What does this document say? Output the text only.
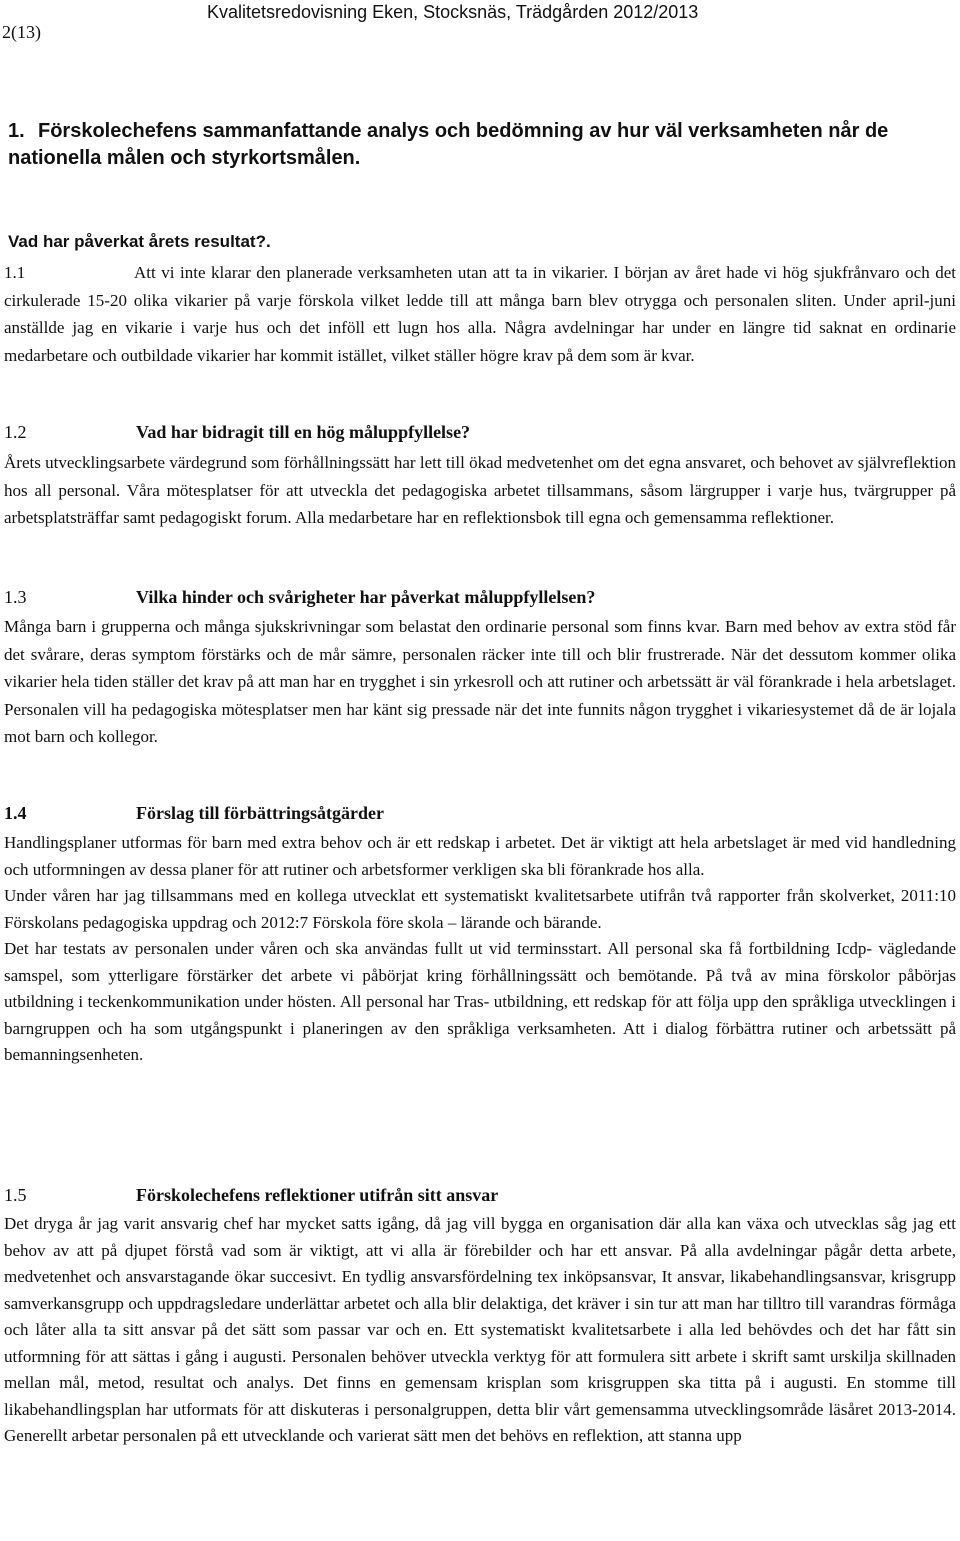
2(13)
Kvalitetsredovisning Eken, Stocksnäs, Trädgården 2012/2013
1. Förskolechefens sammanfattande analys och bedömning av hur väl verksamheten når de nationella målen och styrkortsmålen.
Vad har påverkat årets resultat?.

1.1	Att vi inte klarar den planerade verksamheten utan att ta in vikarier. I början av året hade vi hög sjukfrånvaro och det cirkulerade 15-20 olika vikarier på varje förskola vilket ledde till att många barn blev otrygga och personalen sliten. Under april-juni anställde jag en vikarie i varje hus och det inföll ett lugn hos alla. Några avdelningar har under en längre tid saknat en ordinarie medarbetare och outbildade vikarier har kommit istället, vilket ställer högre krav på dem som är kvar.

1.2	Vad har bidragit till en hög måluppfyllelse?
Årets utvecklingsarbete värdegrund som förhållningssätt har lett till ökad medvetenhet om det egna ansvaret, och behovet av självreflektion hos all personal. Våra mötesplatser för att utveckla det pedagogiska arbetet tillsammans, såsom lärgrupper i varje hus, tvärgrupper på arbetsplatsträffar samt pedagogiskt forum. Alla medarbetare har en reflektionsbok till egna och gemensamma reflektioner.
1.3	Vilka hinder och svårigheter har påverkat måluppfyllelsen?
Många barn i grupperna och många sjukskrivningar som belastat den ordinarie personal som finns kvar. Barn med behov av extra stöd får det svårare, deras symptom förstärks och de mår sämre, personalen räcker inte till och blir frustrerade. När det dessutom kommer olika vikarier hela tiden ställer det krav på att man har en trygghet i sin yrkesroll och att rutiner och arbetssätt är väl förankrade i hela arbetslaget. Personalen vill ha pedagogiska mötesplatser men har känt sig pressade när det inte funnits någon trygghet i vikariesystemet då de är lojala mot barn och kollegor.
1.4	Förslag till förbättringsåtgärder

Handlingsplaner utformas för barn med extra behov och är ett redskap i arbetet. Det är viktigt att hela arbetslaget är med vid handledning och utformningen av dessa planer för att rutiner och arbetsformer verkligen ska bli förankrade hos alla.

Under våren har jag tillsammans med en kollega utvecklat ett systematiskt kvalitetsarbete utifrån två rapporter från skolverket, 2011:10 Förskolans pedagogiska uppdrag och 2012:7 Förskola före skola – lärande och bärande.

Det har testats av personalen under våren och ska användas fullt ut vid terminsstart. All personal ska få fortbildning Icdp- vägledande samspel, som ytterligare förstärker det arbete vi påbörjat kring förhållningssätt och bemötande. På två av mina förskolor påbörjas utbildning i teckenkommunikation under hösten. All personal har Tras- utbildning, ett redskap för att följa upp den språkliga utvecklingen i barngruppen och ha som utgångspunkt i planeringen av den språkliga verksamheten. Att i dialog förbättra rutiner och arbetssätt på bemanningsenheten.

1.5	Förskolechefens reflektioner utifrån sitt ansvar
Det dryga år jag varit ansvarig chef har mycket satts igång, då jag vill bygga en organisation där alla kan växa och utvecklas såg jag ett behov av att på djupet förstå vad som är viktigt, att vi alla är förebilder och har ett ansvar. På alla avdelningar pågår detta arbete, medvetenhet och ansvarstagande ökar succesivt. En tydlig ansvarsfördelning tex inköpsansvar, It ansvar, likabehandlingsansvar, krisgrupp samverkansgrupp och uppdragsledare underlättar arbetet och alla blir delaktiga, det kräver i sin tur att man har tilltro till varandras förmåga och låter alla ta sitt ansvar på det sätt som passar var och en. Ett systematiskt kvalitetsarbete i alla led behövdes och det har fått sin utformning för att sättas i gång i augusti. Personalen behöver utveckla verktyg för att formulera sitt arbete i skrift samt urskilja skillnaden mellan mål, metod, resultat och analys. Det finns en gemensam krisplan som krisgruppen ska titta på i augusti. En stomme till likabehandlingsplan har utformats för att diskuteras i personalgruppen, detta blir vårt gemensamma utvecklingsområde läsåret 2013-2014. Generellt arbetar personalen på ett utvecklande och varierat sätt men det behövs en reflektion, att stanna upp
